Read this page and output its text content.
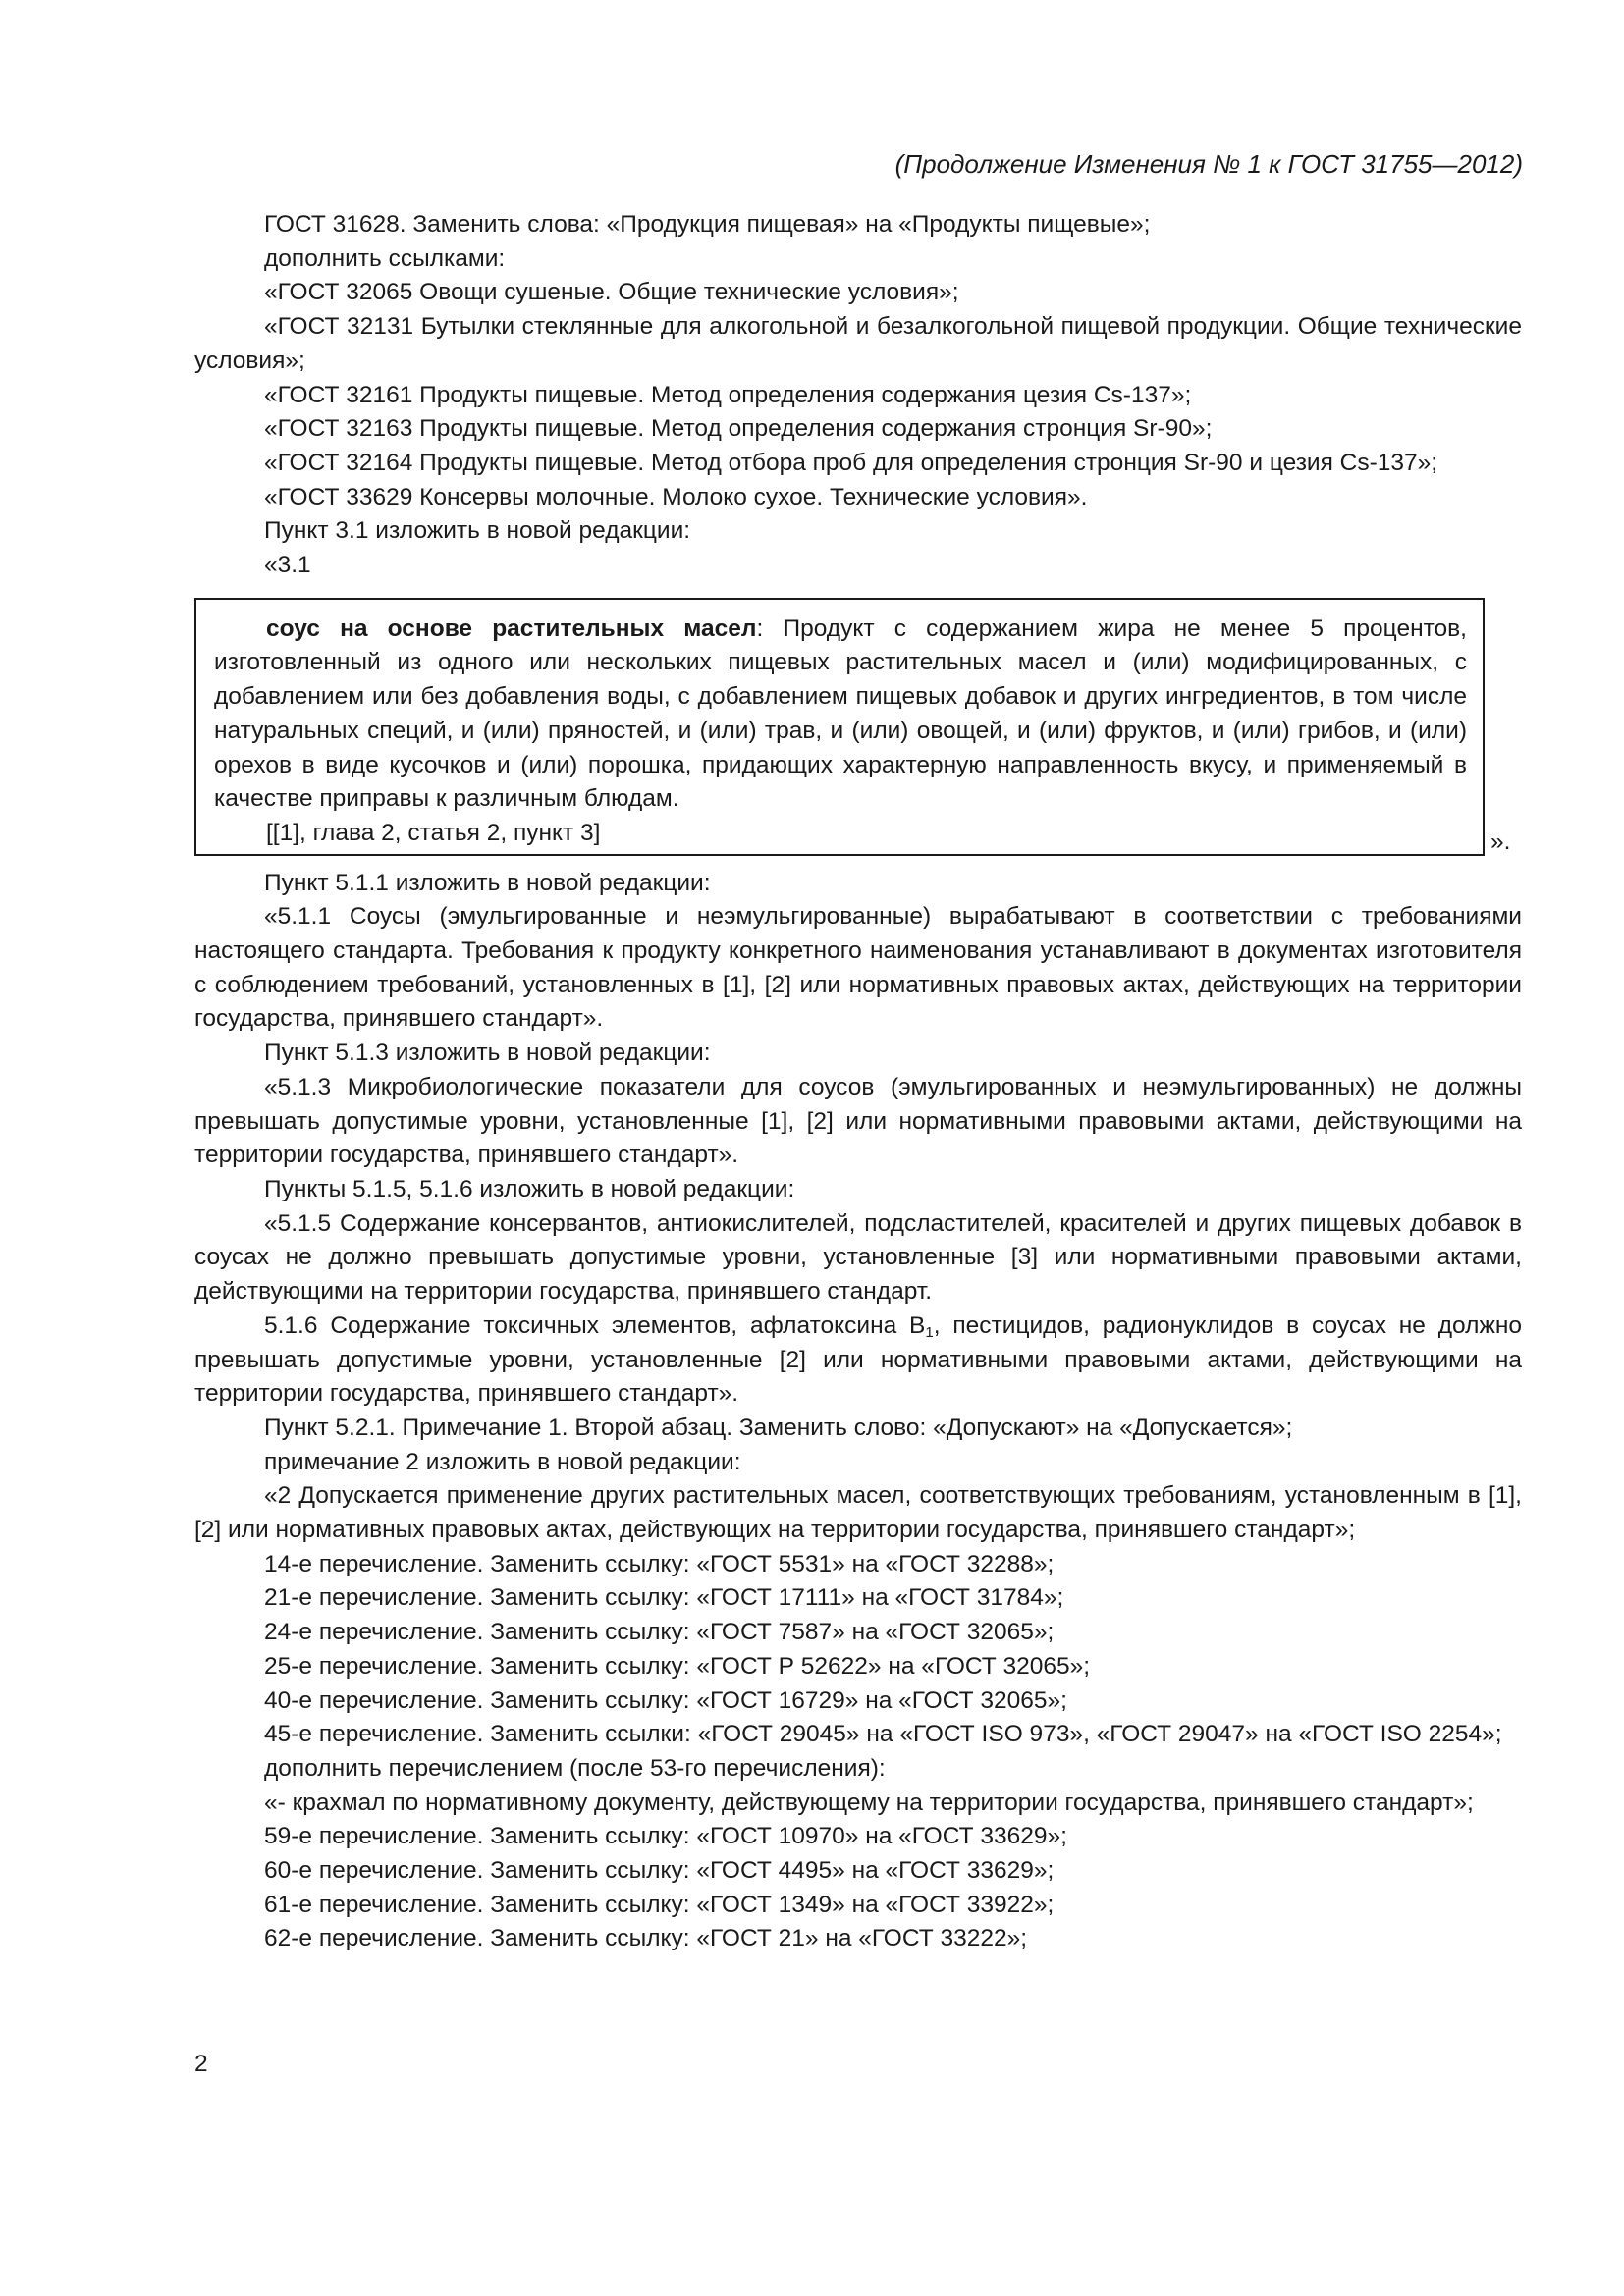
(Продолжение Изменения № 1 к ГОСТ 31755—2012)

ГОСТ 31628. Заменить слова: «Продукция пищевая» на «Продукты пищевые»;

дополнить ссылками:

«ГОСТ 32065 Овощи сушеные. Общие технические условия»;

«ГОСТ 32131 Бутылки стеклянные для алкогольной и безалкогольной пищевой продукции. Общие технические условия»;

«ГОСТ 32161 Продукты пищевые. Метод определения содержания цезия Cs-137»;

«ГОСТ 32163 Продукты пищевые. Метод определения содержания стронция Sr-90»;

«ГОСТ 32164 Продукты пищевые. Метод отбора проб для определения стронция Sr-90 и цезия Cs-137»;

«ГОСТ 33629 Консервы молочные. Молоко сухое. Технические условия».

Пункт 3.1 изложить в новой редакции:

«3.1

соус на основе растительных масел: Продукт с содержанием жира не менее 5 процентов, изготовленный из одного или нескольких пищевых растительных масел и (или) модифицированных, с добавлением или без добавления воды, с добавлением пищевых добавок и других ингредиентов, в том числе натуральных специй, и (или) пряностей, и (или) трав, и (или) овощей, и (или) фруктов, и (или) грибов, и (или) орехов в виде кусочков и (или) порошка, придающих характерную направленность вкусу, и применяемый в качестве приправы к различным блюдам.

[[1], глава 2, статья 2, пункт 3]	».

Пункт 5.1.1 изложить в новой редакции:

«5.1.1 Соусы (эмульгированные и неэмульгированные) вырабатывают в соответствии с требованиями настоящего стандарта. Требования к продукту конкретного наименования устанавливают в документах изготовителя с соблюдением требований, установленных в [1], [2] или нормативных правовых актах, действующих на территории государства, принявшего стандарт».

Пункт 5.1.3 изложить в новой редакции:

«5.1.3 Микробиологические показатели для соусов (эмульгированных и неэмульгированных) не должны превышать допустимые уровни, установленные [1], [2] или нормативными правовыми актами, действующими на территории государства, принявшего стандарт».

Пункты 5.1.5, 5.1.6 изложить в новой редакции:

«5.1.5 Содержание консервантов, антиокислителей, подсластителей, красителей и других пищевых добавок в соусах не должно превышать допустимые уровни, установленные [3] или нормативными правовыми актами, действующими на территории государства, принявшего стандарт.

5.1.6 Содержание токсичных элементов, афлатоксина $B_1$, пестицидов, радионуклидов в соусах не должно превышать допустимые уровни, установленные [2] или нормативными правовыми актами, действующими на территории государства, принявшего стандарт».

Пункт 5.2.1. Примечание 1. Второй абзац. Заменить слово: «Допускают» на «Допускается»;

примечание 2 изложить в новой редакции:

«2 Допускается применение других растительных масел, соответствующих требованиям, установленным в [1], [2] или нормативных правовых актах, действующих на территории государства, принявшего стандарт»;

14-е перечисление. Заменить ссылку: «ГОСТ 5531» на «ГОСТ 32288»;

21-е перечисление. Заменить ссылку: «ГОСТ 17111» на «ГОСТ 31784»;

24-е перечисление. Заменить ссылку: «ГОСТ 7587» на «ГОСТ 32065»;

25-е перечисление. Заменить ссылку: «ГОСТ Р 52622» на «ГОСТ 32065»;

40-е перечисление. Заменить ссылку: «ГОСТ 16729» на «ГОСТ 32065»;

45-е перечисление. Заменить ссылки: «ГОСТ 29045» на «ГОСТ ISO 973», «ГОСТ 29047» на «ГОСТ ISO 2254»;

дополнить перечислением (после 53-го перечисления):

«- крахмал по нормативному документу, действующему на территории государства, принявшего стандарт»;

59-е перечисление. Заменить ссылку: «ГОСТ 10970» на «ГОСТ 33629»;

60-е перечисление. Заменить ссылку: «ГОСТ 4495» на «ГОСТ 33629»;

61-е перечисление. Заменить ссылку: «ГОСТ 1349» на «ГОСТ 33922»;

62-е перечисление. Заменить ссылку: «ГОСТ 21» на «ГОСТ 33222»;

2
